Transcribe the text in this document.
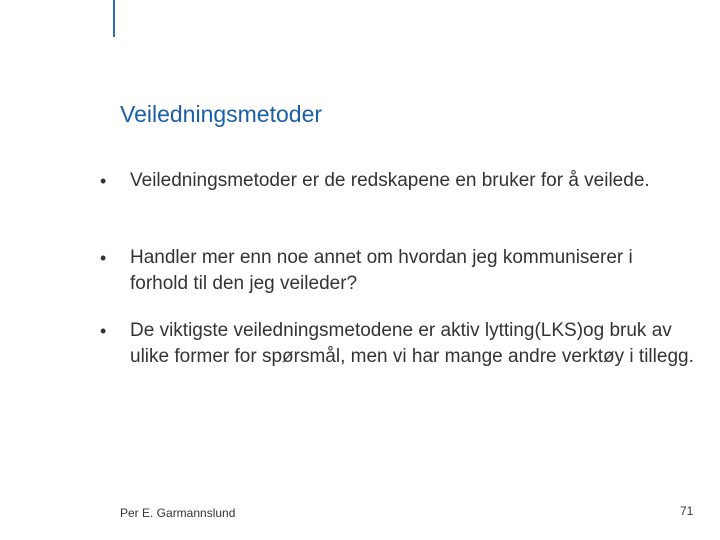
Veiledningsmetoder
• Veiledningsmetoder er de redskapene en bruker for å veilede.
• Handler mer enn noe annet om hvordan jeg kommuniserer i forhold til den jeg veileder?
• De viktigste veiledningsmetodene er aktiv lytting(LKS)og bruk av ulike former for spørsmål, men vi har mange andre verktøy i tillegg.
Per E. Garmannslund	71
